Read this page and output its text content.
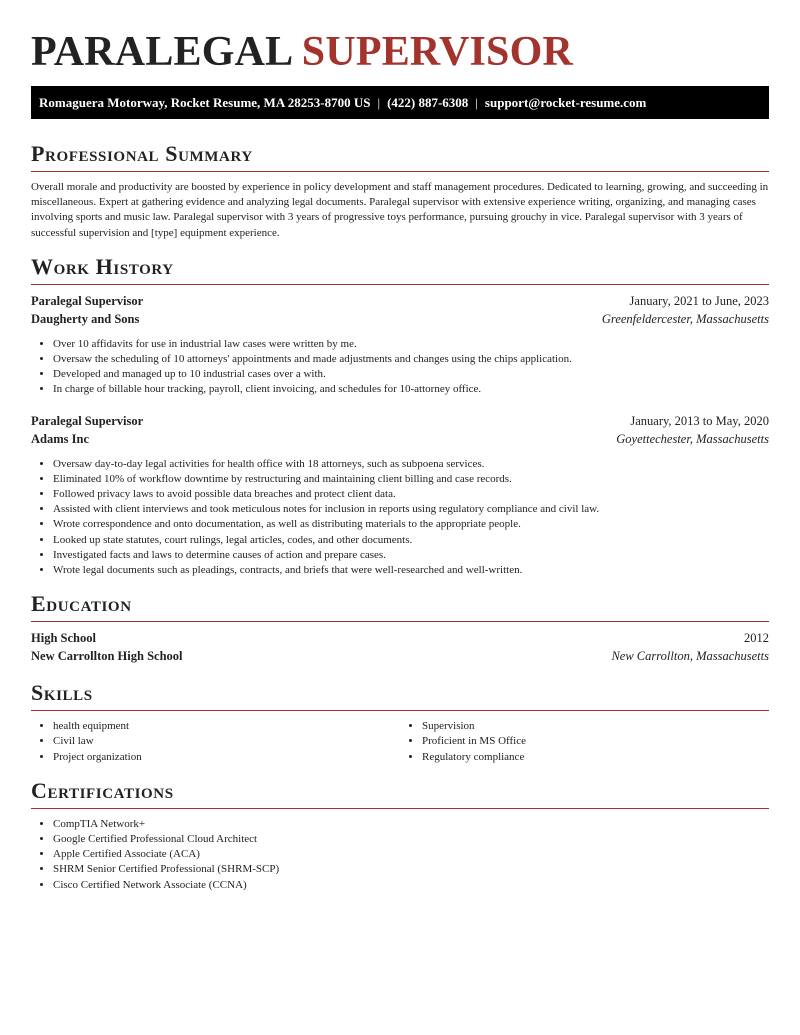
PARALEGAL SUPERVISOR
Romaguera Motorway, Rocket Resume, MA 28253-8700 US | (422) 887-6308 | support@rocket-resume.com
Professional Summary

Overall morale and productivity are boosted by experience in policy development and staff management procedures. Dedicated to learning, growing, and succeeding in miscellaneous. Expert at gathering evidence and analyzing legal documents. Paralegal supervisor with extensive experience writing, organizing, and managing cases involving sports and music law. Paralegal supervisor with 3 years of progressive toys performance, pursuing grouchy in vice. Paralegal supervisor with 3 years of successful supervision and [type] equipment experience.

Work History
Paralegal Supervisor	January, 2021 to June, 2023
Daugherty and Sons	Greenfeldercester, Massachusetts
• Over 10 affidavits for use in industrial law cases were written by me.
• Oversaw the scheduling of 10 attorneys' appointments and made adjustments and changes using the chips application.
• Developed and managed up to 10 industrial cases over a with.
• In charge of billable hour tracking, payroll, client invoicing, and schedules for 10-attorney office.
Paralegal Supervisor	January, 2013 to May, 2020
Adams Inc	Goyettechester, Massachusetts
• Oversaw day-to-day legal activities for health office with 18 attorneys, such as subpoena services.
• Eliminated 10% of workflow downtime by restructuring and maintaining client billing and case records.
• Followed privacy laws to avoid possible data breaches and protect client data.
• Assisted with client interviews and took meticulous notes for inclusion in reports using regulatory compliance and civil law.
• Wrote correspondence and onto documentation, as well as distributing materials to the appropriate people.
• Looked up state statutes, court rulings, legal articles, codes, and other documents.
• Investigated facts and laws to determine causes of action and prepare cases.
• Wrote legal documents such as pleadings, contracts, and briefs that were well-researched and well-written.
Education
High School	2012
New Carrollton High School	New Carrollton, Massachusetts
Skills
• health equipment
• Civil law
• Project organization
• Supervision
• Proficient in MS Office
• Regulatory compliance
Certifications
• CompTIA Network+
• Google Certified Professional Cloud Architect
• Apple Certified Associate (ACA)
• SHRM Senior Certified Professional (SHRM-SCP)
• Cisco Certified Network Associate (CCNA)
